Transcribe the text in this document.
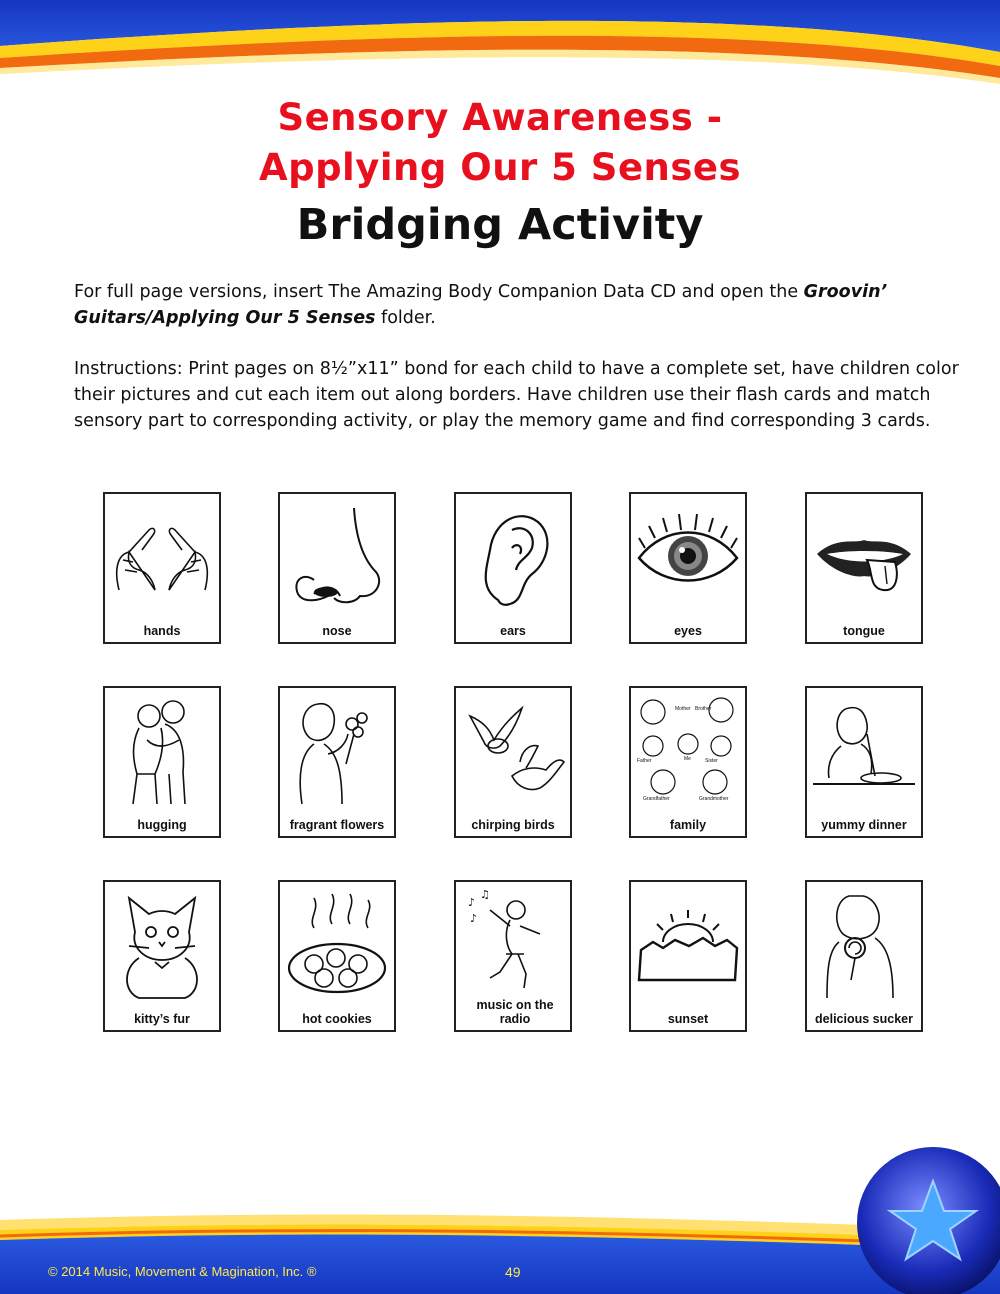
Sensory Awareness -
Applying Our 5 Senses
Bridging Activity
For full page versions, insert The Amazing Body Companion Data CD and open the Groovin’ Guitars/Applying Our 5 Senses folder.
Instructions: Print pages on 8½”x11” bond for each child to have a complete set, have children color their pictures and cut each item out along borders. Have children use their flash cards and match sensory part to corresponding activity, or play the memory game and find corresponding 3 cards.
hands	nose	ears	eyes	tongue
hugging	fragrant flowers	chirping birds
Mother Brother
Father	Sister
Me
Grandfather	Grandmother
family	yummy dinner
kitty’s fur	hot cookies
♪
♫
♪
music on the radio	sunset	delicious sucker
© 2014 Music, Movement & Magination, Inc. ®	49
